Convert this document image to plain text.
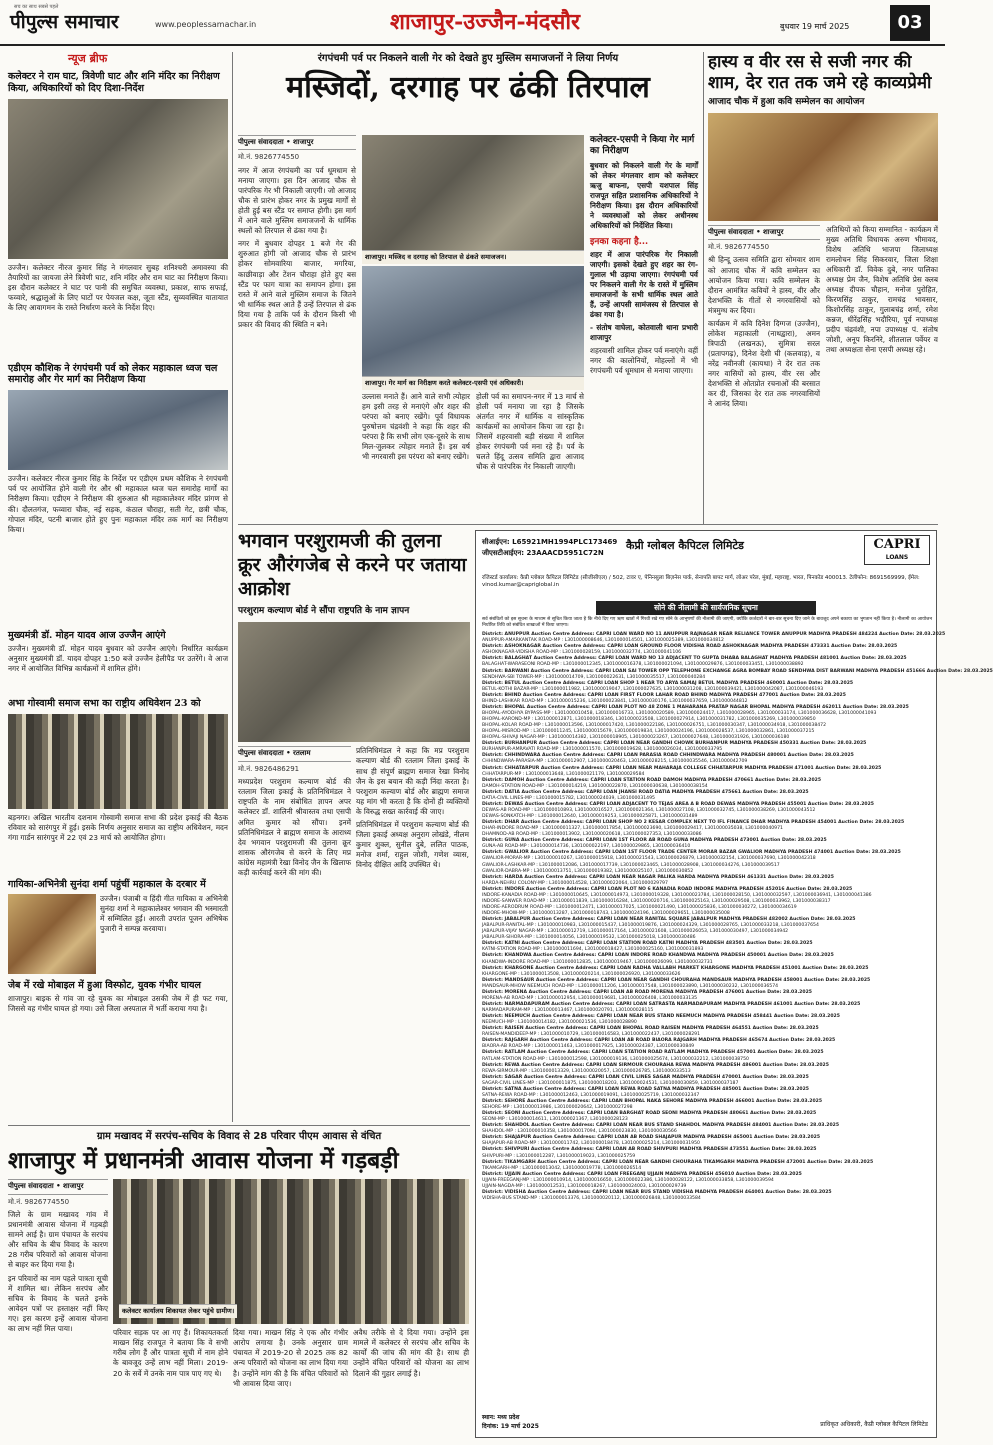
सच का साथ सबसे पहले
पीपुल्स समाचार	www.peoplessamachar.in	शाजापुर-उज्जैन-मंदसौर	बुधवार 19 मार्च 2025	03
न्यूज ब्रीफ
कलेक्टर ने राम घाट, त्रिवेणी घाट और शनि मंदिर का निरीक्षण किया, अधिकारियों को दिए दिशा-निर्देश
उज्जैन। कलेक्टर नीरज कुमार सिंह ने मंगलवार सुबह शनिश्चरी अमावस्या की तैयारियों का जायजा लेने त्रिवेणी घाट, शनि मंदिर और राम घाट का निरीक्षण किया। इस दौरान कलेक्टर ने घाट पर पानी की समुचित व्यवस्था, प्रकाश, साफ सफाई, फव्वारे, श्रद्धालुओं के लिए घाटों पर पेयजल कक्ष, जूता स्टैंड, सुव्यवस्थित यातायात के लिए आवागमन के रास्ते निर्धारण करने के निर्देश दिए।
एडीएम कौशिक ने रंगपंचमी पर्व को लेकर महाकाल ध्वज चल समारोह और गेर मार्ग का निरीक्षण किया
उज्जैन। कलेक्टर नीरज कुमार सिंह के निर्देश पर एडीएम प्रथम कौशिक ने रंगपंचमी पर्व पर आयोजित होने वाली गेर और श्री महाकाल ध्वज चल समारोह मार्गों का निरीक्षण किया। एडीएम ने निरीक्षण की शुरुआत श्री महाकालेश्वर मंदिर प्रांगण से की। दौलतगंज, फव्वारा चौक, नई सड़क, कंठाल चौराहा, सती गेट, छत्री चौक, गोपाल मंदिर, पटनी बाजार होते हुए पुनः महाकाल मंदिर तक मार्ग का निरीक्षण किया।
मुख्यमंत्री डॉ. मोहन यादव आज उज्जैन आएंगे
उज्जैन। मुख्यमंत्री डॉ. मोहन यादव बुधवार को उज्जैन आएंगे। निर्धारित कार्यक्रम अनुसार मुख्यमंत्री डॉ. यादव दोपहर 1:50 बजे उज्जैन हेलीपैड पर उतरेंगे। वे आज नगर में आयोजित विभिन्न कार्यक्रमों में शामिल होंगे।
अभा गोस्वामी समाज सभा का राष्ट्रीय अधिवेशन 23 को
बड़नगर। अखिल भारतीय दशनाम गोस्वामी समाज सभा की प्रदेश इकाई की बैठक रविवार को सारंगपुर में हुई। इसके निर्णय अनुसार समाज का राष्ट्रीय अधिवेशन, मदन गंगा गार्डन सारंगपुर में 22 एवं 23 मार्च को आयोजित होगा।
गायिका-अभिनेत्री सुनंदा शर्मा पहुंचीं महाकाल के दरबार में
उज्जैन। पंजाबी व हिंदी गीत गायिका व अभिनेत्री सुनंदा शर्मा ने महाकालेश्वर भगवान की भस्मारती में सम्मिलित हुईं। आरती उपरांत पूजन अभिषेक पुजारी ने सम्पन्न करवाया।
जेब में रखे मोबाइल में हुआ विस्फोट, युवक गंभीर घायल
शाजापुर। बाइक से गांव जा रहे युवक का मोबाइल उसकी जेब में ही फट गया, जिससे वह गंभीर घायल हो गया। उसे जिला अस्पताल में भर्ती कराया गया है।
रंगपंचमी पर्व पर निकलने वाली गेर को देखते हुए मुस्लिम समाजजनों ने लिया निर्णय
मस्जिदों, दरगाह पर ढंकी तिरपाल
पीपुल्स संवाददाता • शाजापुर
मो.नं. 9826774550
नगर में आज रंगपंचमी का पर्व धूमधाम से मनाया जाएगा। इस दिन आजाद चौक से पारंपरिक गेर भी निकाली जाएगी। जो आजाद चौक से प्रारंभ होकर नगर के प्रमुख मार्गों से होती हुई बस स्टैंड पर समाप्त होगी। इस मार्ग में आने वाले मुस्लिम समाजजनों के धार्मिक स्थलों को तिरपाल से ढंका गया है।
नगर में बुधवार दोपहर 1 बजे गेर की शुरुआत होगी जो आजाद चौक से प्रारंभ होकर सोमवारिया बाजार, मगरिया, काछीवाड़ा और टेंशन चौराहा होते हुए बस स्टैंड पर फाग यात्रा का समापन होगा। इस रास्ते में आने वाले मुस्लिम समाज के जितने भी धार्मिक स्थल आते हैं उन्हें तिरपाल से ढंक दिया गया है ताकि पर्व के दौरान किसी भी प्रकार की विवाद की स्थिति न बने।
शाजापुर। मस्जिद व दरगाह को तिरपाल से ढंकते समाजजन।
शाजापुर। गेर मार्ग का निरीक्षण करते कलेक्टर-एसपी एवं अधिकारी।
उल्लास मनाते हैं। आने वाले सभी त्योहार हम इसी तरह से मनाएंगे और शहर की परंपरा को बनाए रखेंगे। पूर्व विधायक पुरुषोत्तम चंद्रवंशी ने कहा कि शहर की परंपरा है कि सभी लोग एक-दूसरे के साथ मिल-जुलकर त्योहार मनाते हैं। इस वर्ष भी नगरवासी इस परंपरा को बनाए रखेंगे।
होली पर्व का समापन-नगर में 13 मार्च से होली पर्व मनाया जा रहा है जिसके अंतर्गत नगर में धार्मिक व सांस्कृतिक कार्यक्रमों का आयोजन किया जा रहा है। जिसमें शहरवासी बड़ी संख्या में शामिल होकर रंगपंचमी पर्व मना रहे हैं। पर्व के चलते हिंदू उत्सव समिति द्वारा आजाद चौक से पारंपरिक गेर निकाली जाएगी।
कलेक्टर-एसपी ने किया गेर मार्ग का निरीक्षण
बुधवार को निकलने वाली गेर के मार्गों को लेकर मंगलवार शाम को कलेक्टर ऋजु बाफना, एसपी यशपाल सिंह राजपूत सहित प्रशासनिक अधिकारियों ने निरीक्षण किया। इस दौरान अधिकारियों ने व्यवस्थाओं को लेकर अधीनस्थ अधिकारियों को निर्देशित किया।
इनका कहना है...
शहर में आज पारंपरिक गेर निकाली जाएगी। इसको देखते हुए शहर का रंग-गुलाल भी उड़ाया जाएगा। रंगपंचमी पर्व पर निकलने वाली गेर के रास्ते में मुस्लिम समाजजनों के सभी धार्मिक स्थल आते हैं, उन्हें आपसी सामंजस्य से तिरपाल से ढंका गया है।
- संतोष वाघेला, कोतवाली थाना प्रभारी शाजापुर
शहरवासी शामिल होकर पर्व मनाएंगे। वहीं नगर की कालोनियों, मोहल्लों में भी रंगपंचमी पर्व धूमधाम से मनाया जाएगा।
हास्य व वीर रस से सजी नगर की शाम, देर रात तक जमे रहे काव्यप्रेमी
आजाद चौक में हुआ कवि सम्मेलन का आयोजन
पीपुल्स संवाददाता • शाजापुर
मो.नं. 9826774550
श्री हिन्दू उत्सव समिति द्वारा सोमवार शाम को आजाद चौक में कवि सम्मेलन का आयोजन किया गया। कवि सम्मेलन के दौरान आमंत्रित कवियों ने हास्य, वीर और देशभक्ति के गीतों से नगरवासियों को मंत्रमुग्ध कर दिया।
कार्यक्रम में कवि दिनेश दिग्गज (उज्जैन), लोकेश महाकाली (नाथद्वारा), अमन त्रिपाठी (लखनऊ), सुमित्रा सरल (प्रतापगढ़), दिनेश देशी घी (कलवाड़), व नरेंद्र नवीनजी (कायथा) ने देर रात तक नगर वासियों को हास्य, वीर रस और देशभक्ति से ओतप्रोत रचनाओं की बरसात कर दी, जिसका देर रात तक नगरवासियों ने आनंद लिया।
अतिथियों को किया सम्मानित - कार्यक्रम में मुख्य अतिथि विधायक अरुण भीमावद, विशेष अतिथि भाजपा जिलाध्यक्ष रामलोचन सिंह सिकरवार, जिला शिक्षा अधिकारी डॉ. विवेक दुबे, नगर पालिका अध्यक्ष प्रेम जैन, विशेष अतिथि प्रेस क्लब अध्यक्ष दीपक चौहान, मनोज पुरोहित, किरणसिंह ठाकुर, रामचंद्र भावसार, किशोरसिंह ठाकुर, गुलाबचंद्र शर्मा, रमेश कन्नज, धीरेंद्रसिंह भदौरिया, पूर्व नपाध्यक्ष प्रदीप चंद्रवंशी, नपा उपाध्यक्ष पं. संतोष जोशी, अनूप किरनिरे, शीतलाल पर्वेयर व तथा अध्यक्षता सेना एसपी अध्यक्ष रहे।
भगवान परशुरामजी की तुलना क्रूर औरंगजेब से करने पर जताया आक्रोश
परशुराम कल्याण बोर्ड ने सौंपा राष्ट्रपति के नाम ज्ञापन
पीपुल्स संवाददाता • रतलाम
मो.नं. 9826486291
मध्यप्रदेश परशुराम कल्याण बोर्ड की रतलाम जिला इकाई के प्रतिनिधिमंडल ने राष्ट्रपति के नाम संबोधित ज्ञापन अपर कलेक्टर डॉ. शालिनी श्रीवास्तव तथा एसपी अमित कुमार को सौंपा। इनमें प्रतिनिधिमंडल ने ब्राह्मण समाज के आराध्य देव भगवान परशुरामजी की तुलना क्रूर शासक औरंगजेब से करने के लिए मप्र कांग्रेस महामंत्री रेखा विनोद जैन के खिलाफ कड़ी कार्रवाई करने की मांग की।
प्रतिनिधिमंडल ने कहा कि मप्र परशुराम कल्याण बोर्ड की रतलाम जिला इकाई के साथ ही संपूर्ण ब्राह्मण समाज रेखा विनोद जैन के इस बयान की कड़ी निंदा करता है। परशुराम कल्याण बोर्ड और ब्राह्मण समाज यह मांग भी करता है कि दोनों ही व्यक्तियों के विरुद्ध सख्त कार्रवाई की जाए।
प्रतिनिधिमंडल में परशुराम कल्याण बोर्ड की जिला इकाई अध्यक्ष अनुराग लोखंडे, नीलम कुमार शुक्ल, सुनील दुबे, ललित पाठक, मनोज शर्मा, राहुल जोशी, गणेश व्यास, विनोद दीक्षित आदि उपस्थित थे।
सीआईएन: L65921MH1994PLC173469
जीएसटीआईएन: 23AAACD5951C72N
कैप्री ग्लोबल कैपिटल लिमिटेड	CAPRI
LOANS
रजिस्टर्ड कार्यालय: कैप्री ग्लोबल कैपिटल लिमिटेड (सीजीसीएल) / 502, टावर ए, पेनिनसुला बिज़नेस पार्क, सेनापति बापट मार्ग, लोअर परेल, मुंबई, महाराष्ट्र, भारत, पिनकोड 400013. टेलीफोन: 8691569999, ईमेल: vinod.kumar@capriglobal.in
सोने की नीलामी की सार्वजनिक सूचना
सर्व संबंधितों को इस सूचना के माध्यम से सूचित किया जाता है कि नीचे दिए गए ऋण खातों में गिरवी रखे गए सोने के आभूषणों की नीलामी की जाएगी, क्योंकि कर्जदारों ने बार-बार सूचना दिए जाने के बावजूद अपने बकाया का भुगतान नहीं किया है। नीलामी का आयोजन निर्धारित तिथि को संबंधित शाखाओं में किया जाएगा।
District: ANUPPUR Auction Centre Address: CAPRI LOAN WARD NO 11 ANUPPUR RAJNAGAR NEAR RELIANCE TOWER ANUPPUR MADHYA PRADESH 484224 Auction Date: 28.03.2025
ANUPPUR-AMARKANTAK ROAD-MP : L301000008646, L301000014501, L301000025389, L301000034812
District: ASHOKNAGAR Auction Centre Address: CAPRI LOAN GROUND FLOOR VIDISHA ROAD ASHOKNAGAR MADHYA PRADESH 473331 Auction Date: 28.03.2025
ASHOKNAGAR-VIDISHA ROAD-MP : L301000028159, L301000032774, L301000041106
District: BALAGHAT Auction Centre Address: CAPRI LOAN WARD NO 13 ADJACENT TO GUPTA DHABA BALAGHAT MADHYA PRADESH 481001 Auction Date: 28.03.2025
BALAGHAT-WARASEONI ROAD-MP : L301000012345, L301000016378, L301000021094, L301000029876, L301000033451, L301000038892
District: BARWANI Auction Centre Address: CAPRI LOAN SAI TOWER OPP TELEPHONE EXCHANGE AGRA BOMBAY ROAD SENDHWA DIST BARWANI MADHYA PRADESH 451666 Auction Date: 28.03.2025
SENDHWA-SBI TOWER-MP : L301000014709, L301000022631, L301000035517, L301000040284
District: BETUL Auction Centre Address: CAPRI LOAN SHOP 1 NEAR TO ARYA SAMAJ BETUL MADHYA PRADESH 460001 Auction Date: 28.03.2025
BETUL-KOTHI BAZAR-MP : L301000011982, L301000019047, L301000027635, L301000031208, L301000039421, L301000042087, L301000046193
District: BHIND Auction Centre Address: CAPRI LOAN FIRST FLOOR LAHAR ROAD BHIND MADHYA PRADESH 477001 Auction Date: 28.03.2025
BHIND-LASHKAR ROAD-MP : L301000015236, L301000023841, L301000030176, L301000037659, L301000044812
District: BHOPAL Auction Centre Address: CAPRI LOAN PLOT NO 48 ZONE 1 MAHARANA PRATAP NAGAR BHOPAL MADHYA PRADESH 462011 Auction Date: 28.03.2025
BHOPAL-AYODHYA BYPASS-MP : L301000010458, L301000016733, L301000020589, L301000024417, L301000028965, L301000033174, L301000036628, L301000041093
BHOPAL-KAROND-MP : L301000012871, L301000018346, L301000023508, L301000027914, L301000031782, L301000035269, L301000039850
BHOPAL-KOLAR ROAD-MP : L301000013596, L301000017420, L301000022186, L301000026751, L301000030347, L301000034918, L301000038472
BHOPAL-MISROD-MP : L301000011245, L301000015679, L301000019834, L301000024196, L301000028537, L301000032861, L301000037215
BHOPAL-SHIVAJI NAGAR-MP : L301000014382, L301000018905, L301000023267, L301000027648, L301000031926, L301000036180
District: BURHANPUR Auction Centre Address: CAPRI LOAN NEAR GANDHI CHOWK BURHANPUR MADHYA PRADESH 450331 Auction Date: 28.03.2025
BURHANPUR-AMRAVATI ROAD-MP : L301000011570, L301000019628, L301000026034, L301000033795
District: CHHINDWARA Auction Centre Address: CAPRI LOAN PARASIA ROAD CHHINDWARA MADHYA PRADESH 480001 Auction Date: 28.03.2025
CHHINDWARA-PARASIA-MP : L301000012907, L301000020463, L301000028215, L301000035546, L301000042709
District: CHHATARPUR Auction Centre Address: CAPRI LOAN NEAR MAHARAJA COLLEGE CHHATARPUR MADHYA PRADESH 471001 Auction Date: 28.03.2025
CHHATARPUR-MP : L301000013648, L301000021179, L301000029584
District: DAMOH Auction Centre Address: CAPRI LOAN STATION ROAD DAMOH MADHYA PRADESH 470661 Auction Date: 28.03.2025
DAMOH-STATION ROAD-MP : L301000014219, L301000022870, L301000030638, L301000038154
District: DATIA Auction Centre Address: CAPRI LOAN JHANSI ROAD DATIA MADHYA PRADESH 475661 Auction Date: 28.03.2025
DATIA-CIVIL LINES-MP : L301000015782, L301000024039, L301000031495
District: DEWAS Auction Centre Address: CAPRI LOAN ADJACENT TO TEJAS AREA A B ROAD DEWAS MADHYA PRADESH 455001 Auction Date: 28.03.2025
DEWAS-AB ROAD-MP : L301000010893, L301000016527, L301000021364, L301000027108, L301000032745, L301000038269, L301000043512
DEWAS-SONKATCH-MP : L301000012640, L301000019253, L301000025871, L301000031489
District: DHAR Auction Centre Address: CAPRI LOAN SHOP NO 2 KESAR COMPLEX NEXT TO IFL FINANCE DHAR MADHYA PRADESH 454001 Auction Date: 28.03.2025
DHAR-INDORE ROAD-MP : L301000011327, L301000017854, L301000023690, L301000029417, L301000035038, L301000040971
DHAMNOD-AB ROAD-MP : L301000013902, L301000020618, L301000027353, L301000033086
District: GUNA Auction Centre Address: CAPRI LOAN 1ST FLOOR AB ROAD GUNA MADHYA PRADESH 473001 Auction Date: 28.03.2025
GUNA-AB ROAD-MP : L301000014736, L301000022197, L301000029865, L301000036410
District: GWALIOR Auction Centre Address: CAPRI LOAN 1ST FLOOR TRADE CENTER MORAR BAZAR GWALIOR MADHYA PRADESH 474001 Auction Date: 28.03.2025
GWALIOR-MORAR-MP : L301000010267, L301000015918, L301000021543, L301000026879, L301000032154, L301000037690, L301000042318
GWALIOR-LASHKAR-MP : L301000012086, L301000017739, L301000023465, L301000028908, L301000034276, L301000039517
GWALIOR-DABRA-MP : L301000013751, L301000019382, L301000025107, L301000030852
District: HARDA Auction Centre Address: CAPRI LOAN NEAR NAGAR PALIKA HARDA MADHYA PRADESH 461331 Auction Date: 28.03.2025
HARDA-NEHRU COLONY-MP : L301000014528, L301000022064, L301000029797
District: INDORE Auction Centre Address: CAPRI LOAN PLOT NO 6 KANADIA ROAD INDORE MADHYA PRADESH 452016 Auction Date: 28.03.2025
INDORE-KANADIA ROAD-MP : L301000010645, L301000014973, L301000019328, L301000023784, L301000028150, L301000032597, L301000036941, L301000041386
INDORE-SANWER ROAD-MP : L301000011839, L301000016284, L301000020716, L301000025163, L301000029508, L301000033962, L301000038317
INDORE-AERODRUM ROAD-MP : L301000012471, L301000017025, L301000021490, L301000025836, L301000030272, L301000034619
INDORE-MHOW-MP : L301000013287, L301000018743, L301000024196, L301000029651, L301000035008
District: JABALPUR Auction Centre Address: CAPRI LOAN NEAR RANITAL SQUARE JABALPUR MADHYA PRADESH 482002 Auction Date: 28.03.2025
JABALPUR-RANITAL-MP : L301000010983, L301000015437, L301000019876, L301000024329, L301000028765, L301000033218, L301000037654
JABALPUR-VIJAY NAGAR-MP : L301000012719, L301000017164, L301000021608, L301000026053, L301000030497, L301000034942
JABALPUR-SIHORA-MP : L301000014056, L301000019532, L301000025018, L301000030486
District: KATNI Auction Centre Address: CAPRI LOAN STATION ROAD KATNI MADHYA PRADESH 483501 Auction Date: 28.03.2025
KATNI-STATION ROAD-MP : L301000011694, L301000018427, L301000025160, L301000031893
District: KHANDWA Auction Centre Address: CAPRI LOAN INDORE ROAD KHANDWA MADHYA PRADESH 450001 Auction Date: 28.03.2025
KHANDWA-INDORE ROAD-MP : L301000012835, L301000019467, L301000026099, L301000032731
District: KHARGONE Auction Centre Address: CAPRI LOAN RADHA VALLABH MARKET KHARGONE MADHYA PRADESH 451001 Auction Date: 28.03.2025
KHARGONE-MP : L301000013508, L301000020214, L301000026920, L301000033626
District: MANDSAUR Auction Centre Address: CAPRI LOAN NEAR GANDHI CHOURAHA MANDSAUR MADHYA PRADESH 458001 Auction Date: 28.03.2025
MANDSAUR-MHOW NEEMUCH ROAD-MP : L301000011206, L301000017548, L301000023890, L301000030232, L301000036574
District: MORENA Auction Centre Address: CAPRI LOAN AB ROAD MORENA MADHYA PRADESH 476001 Auction Date: 28.03.2025
MORENA-AB ROAD-MP : L301000012954, L301000019681, L301000026408, L301000033135
District: NARMADAPURAM Auction Centre Address: CAPRI LOAN SATRASTA NARMADAPURAM MADHYA PRADESH 461001 Auction Date: 28.03.2025
NARMADAPURAM-MP : L301000013467, L301000020791, L301000028115
District: NEEMUCH Auction Centre Address: CAPRI LOAN NEAR BUS STAND NEEMUCH MADHYA PRADESH 458441 Auction Date: 28.03.2025
NEEMUCH-MP : L301000014182, L301000021536, L301000028890
District: RAISEN Auction Centre Address: CAPRI LOAN BHOPAL ROAD RAISEN MADHYA PRADESH 464551 Auction Date: 28.03.2025
RAISEN-MANDIDEEP-MP : L301000010729, L301000016583, L301000022437, L301000028291
District: RAJGARH Auction Centre Address: CAPRI LOAN AB ROAD BIAORA RAJGARH MADHYA PRADESH 465674 Auction Date: 28.03.2025
BIAORA-AB ROAD-MP : L301000011463, L301000017925, L301000024387, L301000030849
District: RATLAM Auction Centre Address: CAPRI LOAN STATION ROAD RATLAM MADHYA PRADESH 457001 Auction Date: 28.03.2025
RATLAM-STATION ROAD-MP : L301000012598, L301000019136, L301000025674, L301000032212, L301000038750
District: REWA Auction Centre Address: CAPRI LOAN SIRMOUR CHOURAHA REWA MADHYA PRADESH 486001 Auction Date: 28.03.2025
REWA-SIRMOUR-MP : L301000013329, L301000020057, L301000026785, L301000033513
District: SAGAR Auction Centre Address: CAPRI LOAN CIVIL LINES SAGAR MADHYA PRADESH 470001 Auction Date: 28.03.2025
SAGAR-CIVIL LINES-MP : L301000011875, L301000018203, L301000024531, L301000030859, L301000037187
District: SATNA Auction Centre Address: CAPRI LOAN REWA ROAD SATNA MADHYA PRADESH 485001 Auction Date: 28.03.2025
SATNA-REWA ROAD-MP : L301000012463, L301000019091, L301000025719, L301000032347
District: SEHORE Auction Centre Address: CAPRI LOAN BHOPAL NAKA SEHORE MADHYA PRADESH 466001 Auction Date: 28.03.2025
SEHORE-MP : L301000013986, L301000020642, L301000027298
District: SEONI Auction Centre Address: CAPRI LOAN BARGHAT ROAD SEONI MADHYA PRADESH 480661 Auction Date: 28.03.2025
SEONI-MP : L301000014611, L301000021367, L301000028123
District: SHAHDOL Auction Centre Address: CAPRI LOAN NEAR BUS STAND SHAHDOL MADHYA PRADESH 484001 Auction Date: 28.03.2025
SHAHDOL-MP : L301000010358, L301000017094, L301000023830, L301000030566
District: SHAJAPUR Auction Centre Address: CAPRI LOAN AB ROAD SHAJAPUR MADHYA PRADESH 465001 Auction Date: 28.03.2025
SHAJAPUR-AB ROAD-MP : L301000011742, L301000018478, L301000025214, L301000031950
District: SHIVPURI Auction Centre Address: CAPRI LOAN AB ROAD SHIVPURI MADHYA PRADESH 473551 Auction Date: 28.03.2025
SHIVPURI-MP : L301000012287, L301000019023, L301000025759
District: TIKAMGARH Auction Centre Address: CAPRI LOAN NEAR GANDHI CHOURAHA TIKAMGARH MADHYA PRADESH 472001 Auction Date: 28.03.2025
TIKAMGARH-MP : L301000013042, L301000019778, L301000026514
District: UJJAIN Auction Centre Address: CAPRI LOAN FREEGANJ UJJAIN MADHYA PRADESH 456010 Auction Date: 28.03.2025
UJJAIN-FREEGANJ-MP : L301000010914, L301000016650, L301000022386, L301000028122, L301000033858, L301000039594
UJJAIN-NAGDA-MP : L301000012531, L301000018267, L301000024003, L301000029739
District: VIDISHA Auction Centre Address: CAPRI LOAN NEAR BUS STAND VIDISHA MADHYA PRADESH 464001 Auction Date: 28.03.2025
VIDISHA-BUS STAND-MP : L301000013376, L301000020112, L301000026848, L301000033584
स्थान: मध्य प्रदेश
दिनांक: 19 मार्च 2025	प्राधिकृत अधिकारी, कैप्री ग्लोबल कैपिटल लिमिटेड
ग्राम मखावद में सरपंच-सचिव के विवाद से 28 परिवार पीएम आवास से वंचित
शाजापुर में प्रधानमंत्री आवास योजना में गड़बड़ी
पीपुल्स संवाददाता • शाजापुर
मो.नं. 9826774550
जिले के ग्राम मखावद गांव में प्रधानमंत्री आवास योजना में गड़बड़ी सामने आई है। ग्राम पंचायत के सरपंच और सचिव के बीच विवाद के कारण 28 गरीब परिवारों को आवास योजना से बाहर कर दिया गया है।
इन परिवारों का नाम पहले पात्रता सूची में शामिल था। लेकिन सरपंच और सचिव के विवाद के चलते इनके आवेदन पत्रों पर हस्ताक्षर नहीं किए गए। इस कारण इन्हें आवास योजना का लाभ नहीं मिल पाया।
कलेक्टर कार्यालय शिकायत लेकर पहुंचे ग्रामीण।
परिवार सड़क पर आ गए हैं। शिकायतकर्ता माखन सिंह राजपूत ने बताया कि वे सभी गरीब लोग हैं और पात्रता सूची में नाम होने के बावजूद उन्हें लाभ नहीं मिला। 2019-20 के सर्वे में उनके नाम पात्र पाए गए थे।
दिया गया। माखन सिंह ने एक और गंभीर आरोप लगाया है। उनके अनुसार ग्राम पंचायत में 2019-20 से 2025 तक 82 अन्य परिवारों को योजना का लाभ दिया गया है। उन्होंने मांग की है कि वंचित परिवारों को भी आवास दिया जाए।
अवैध तरीके से दे दिया गया। उन्होंने इस मामले में कलेक्टर से सरपंच और सचिव के कार्यों की जांच की मांग की है। साथ ही उन्होंने वंचित परिवारों को योजना का लाभ दिलाने की गुहार लगाई है।
